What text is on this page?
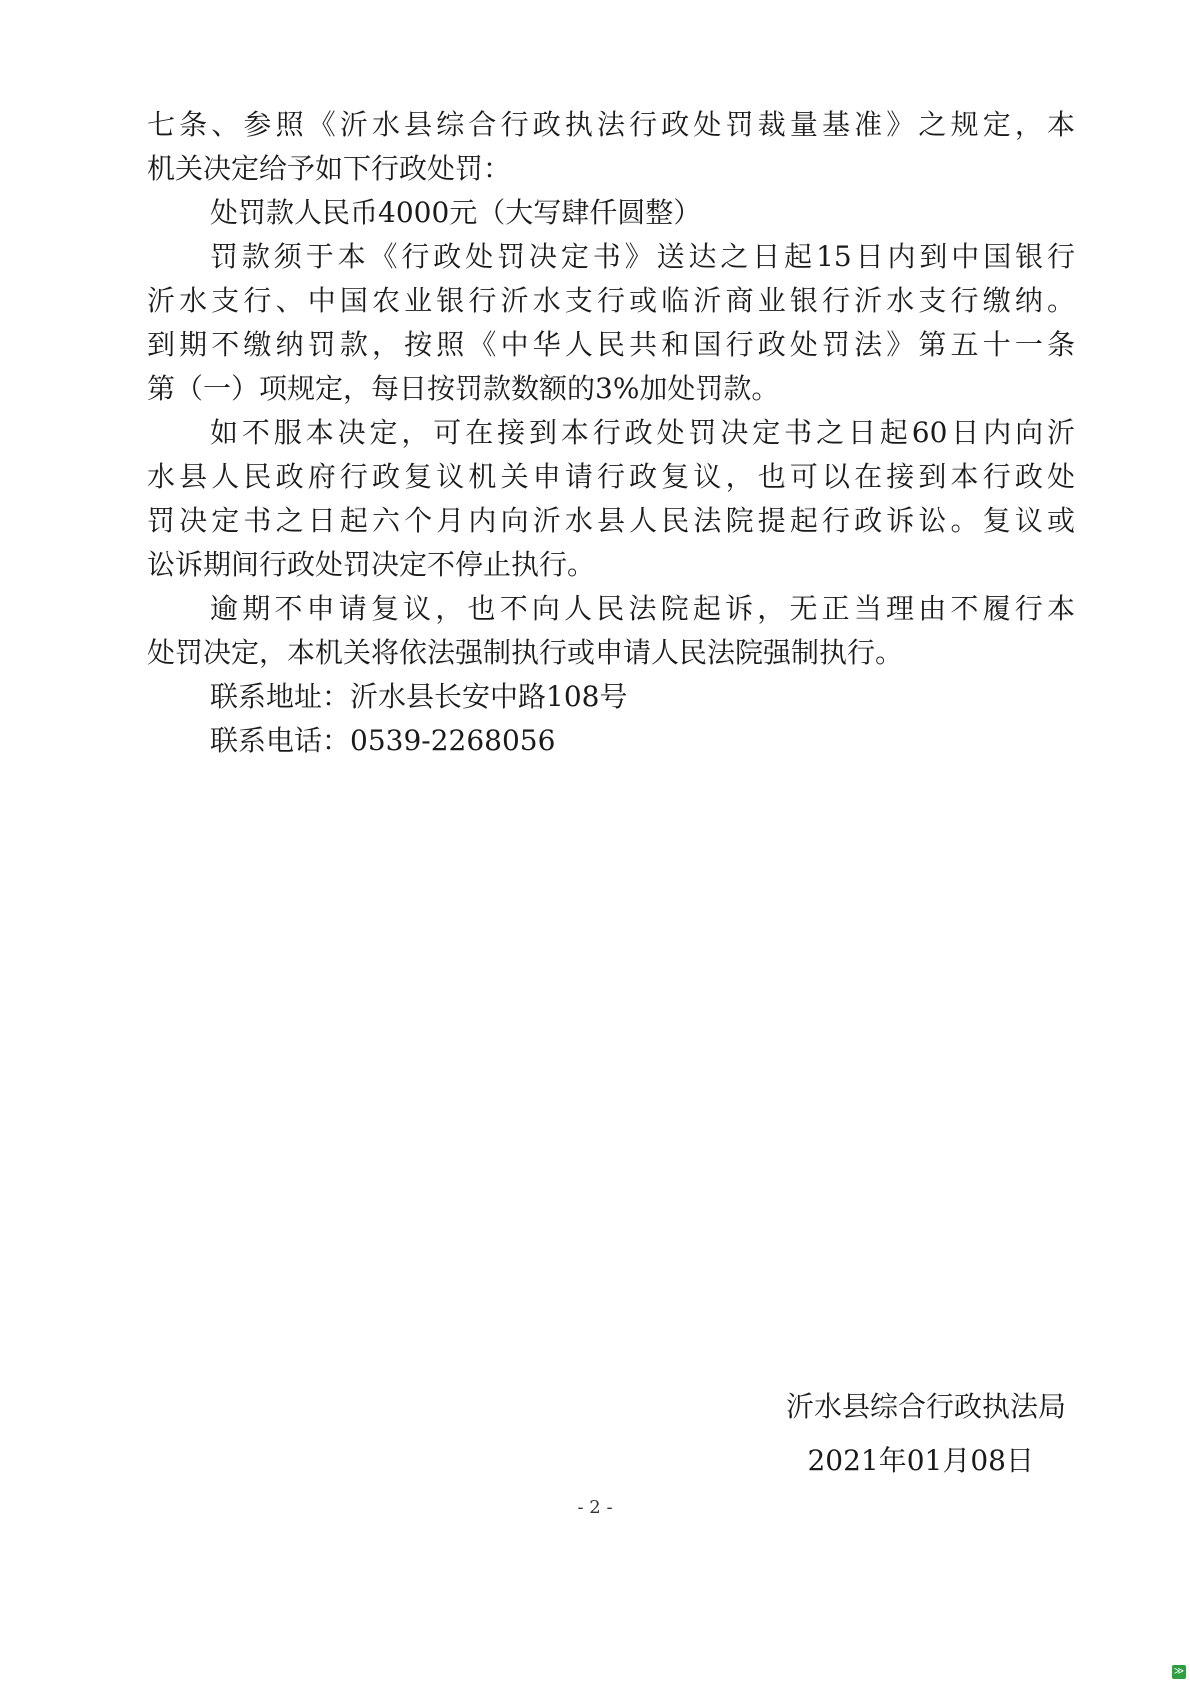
七条、参照《沂水县综合行政执法行政处罚裁量基准》之规定，本
机关决定给予如下行政处罚：
处罚款人民币4000元（大写肆仟圆整）
罚款须于本《行政处罚决定书》送达之日起15日内到中国银行
沂水支行、中国农业银行沂水支行或临沂商业银行沂水支行缴纳。
到期不缴纳罚款，按照《中华人民共和国行政处罚法》第五十一条
第（一）项规定，每日按罚款数额的3%加处罚款。
如不服本决定，可在接到本行政处罚决定书之日起60日内向沂
水县人民政府行政复议机关申请行政复议，也可以在接到本行政处
罚决定书之日起六个月内向沂水县人民法院提起行政诉讼。复议或
讼诉期间行政处罚决定不停止执行。
逾期不申请复议，也不向人民法院起诉，无正当理由不履行本
处罚决定，本机关将依法强制执行或申请人民法院强制执行。
联系地址：沂水县长安中路108号
联系电话：0539-2268056
沂水县综合行政执法局
2021年01月08日
- 2 -
≫
